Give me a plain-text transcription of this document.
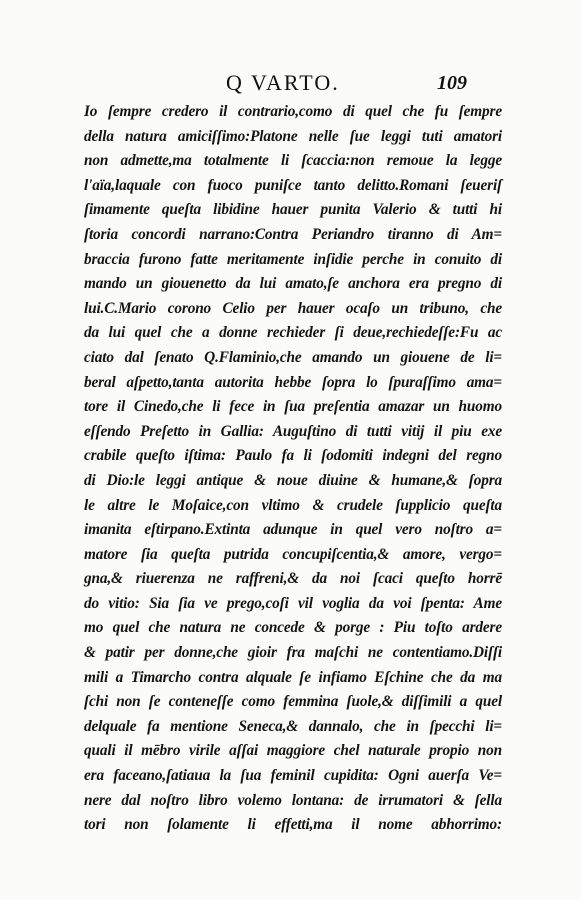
Q VARTO.	109
Io ſempre credero il contrario,como di quel che fu ſempre
della natura amiciſſimo:Platone nelle ſue leggi tuti amatori
non admette,ma totalmente li ſcaccia:non remoue la legge
l'aïa,laquale con fuoco puniſce tanto delitto.Romani ſeueriſ
ſimamente queſta libidine hauer punita Valerio & tutti hi
ſtoria concordi narrano:Contra Periandro tiranno di Am=
braccia furono fatte meritamente inſidie perche in conuito di
mando un giouenetto da lui amato,ſe anchora era pregno di
lui.C.Mario corono Celio per hauer ocaſo un tribuno, che
da lui quel che a donne rechieder ſi deue,rechiedeſſe:Fu ac
ciato dal ſenato Q.Flaminio,che amando un giouene de li=
beral aſpetto,tanta autorita hebbe ſopra lo ſpuraſſimo ama=
tore il Cinedo,che li fece in ſua preſentia amazar un huomo
eſſendo Preſetto in Gallia: Auguſtino di tutti vitij il piu exe
crabile queſto iſtima: Paulo fa li ſodomiti indegni del regno
di Dio:le leggi antique & noue diuine & humane,& ſopra
le altre le Moſaice,con vltimo & crudele ſupplicio queſta
imanita eſtirpano.Extinta adunque in quel vero noſtro a=
matore ſia queſta putrida concupiſcentia,& amore, vergo=
gna,& riuerenza ne raffreni,& da noi ſcaci queſto horrē
do vitio: Sia ſia ve prego,coſi vil voglia da voi ſpenta: Ame
mo quel che natura ne concede & porge : Piu toſto ardere
& patir per donne,che gioir fra maſchi ne contentiamo.Diſſi
mili a Timarcho contra alquale ſe infiamo Eſchine che da ma
ſchi non ſe conteneſſe como femmina ſuole,& diſſimili a quel
delquale fa mentione Seneca,& dannalo, che in ſpecchi li=
quali il mēbro virile aſſai maggiore chel naturale propio non
era faceano,ſatiaua la ſua feminil cupidita: Ogni auerſa Ve=
nere dal noſtro libro volemo lontana: de irrumatori & ſella
tori non ſolamente li effetti,ma il nome abhorrimo:
